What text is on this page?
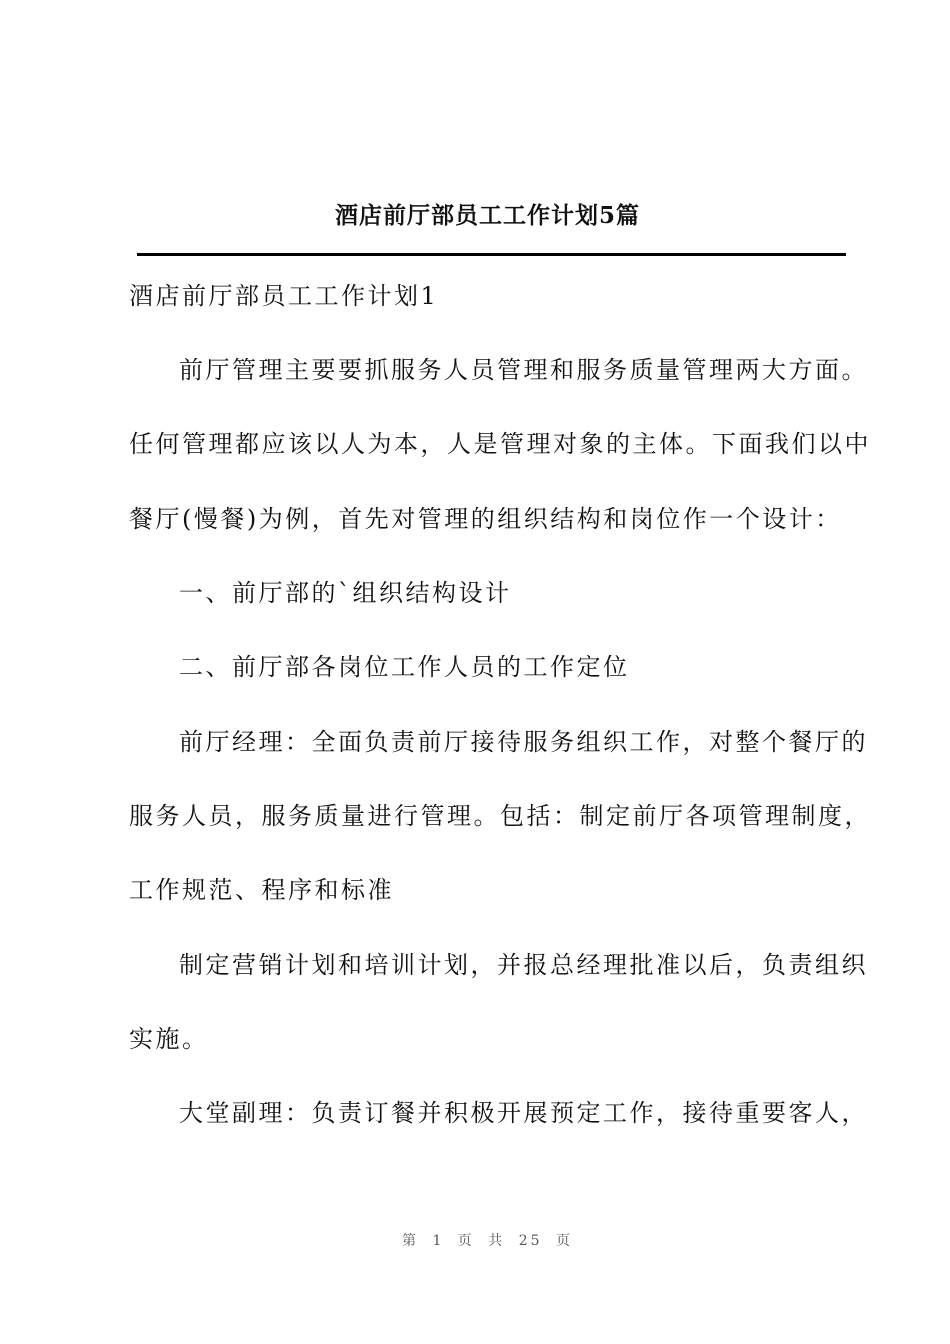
酒店前厅部员工工作计划5篇
酒店前厅部员工工作计划1
前厅管理主要要抓服务人员管理和服务质量管理两大方面。
任何管理都应该以人为本，人是管理对象的主体。下面我们以中
餐厅(慢餐)为例，首先对管理的组织结构和岗位作一个设计：
一、前厅部的`组织结构设计
二、前厅部各岗位工作人员的工作定位
前厅经理：全面负责前厅接待服务组织工作，对整个餐厅的
服务人员，服务质量进行管理。包括：制定前厅各项管理制度，
工作规范、程序和标准
制定营销计划和培训计划，并报总经理批准以后，负责组织
实施。
大堂副理：负责订餐并积极开展预定工作，接待重要客人，
第 1 页 共 25 页
